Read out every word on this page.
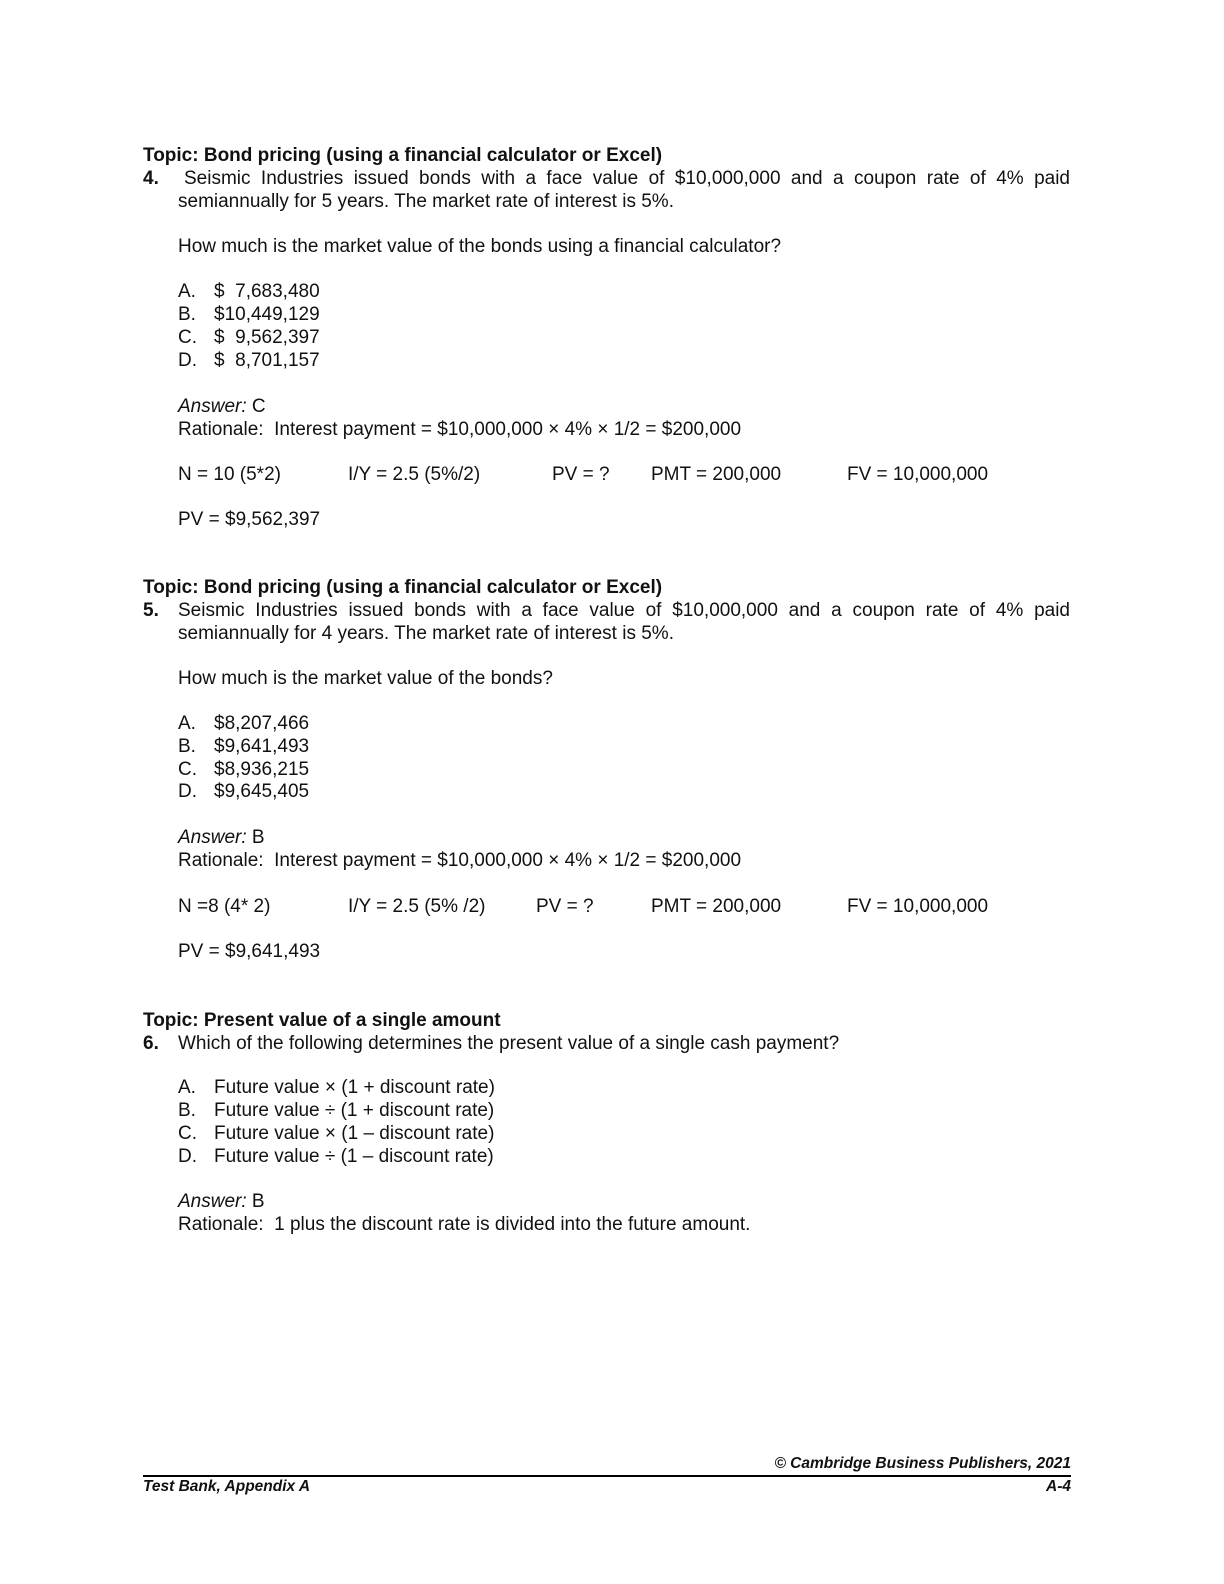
Topic: Bond pricing (using a financial calculator or Excel)
4. Seismic Industries issued bonds with a face value of $10,000,000 and a coupon rate of 4% paid
semiannually for 5 years. The market rate of interest is 5%.
How much is the market value of the bonds using a financial calculator?
A. $  7,683,480
B. $10,449,129
C. $  9,562,397
D. $  8,701,157
Answer: C
Rationale:  Interest payment = $10,000,000 × 4% × 1/2 = $200,000
N = 10 (5*2)	I/Y = 2.5 (5%/2)	PV = ? PMT = 200,000	FV = 10,000,000
PV = $9,562,397
Topic: Bond pricing (using a financial calculator or Excel)
5. Seismic Industries issued bonds with a face value of $10,000,000 and a coupon rate of 4% paid
semiannually for 4 years. The market rate of interest is 5%.
How much is the market value of the bonds?
A. $8,207,466
B. $9,641,493
C. $8,936,215
D. $9,645,405
Answer: B
Rationale:  Interest payment = $10,000,000 × 4% × 1/2 = $200,000
N =8 (4* 2)	I/Y = 2.5 (5% /2)	PV = ?	PMT = 200,000	FV = 10,000,000
PV = $9,641,493
Topic: Present value of a single amount
6. Which of the following determines the present value of a single cash payment?
A. Future value × (1 + discount rate)
B. Future value ÷ (1 + discount rate)
C. Future value × (1 – discount rate)
D. Future value ÷ (1 – discount rate)
Answer: B
Rationale:  1 plus the discount rate is divided into the future amount.
© Cambridge Business Publishers, 2021
Test Bank, Appendix A	A-4
